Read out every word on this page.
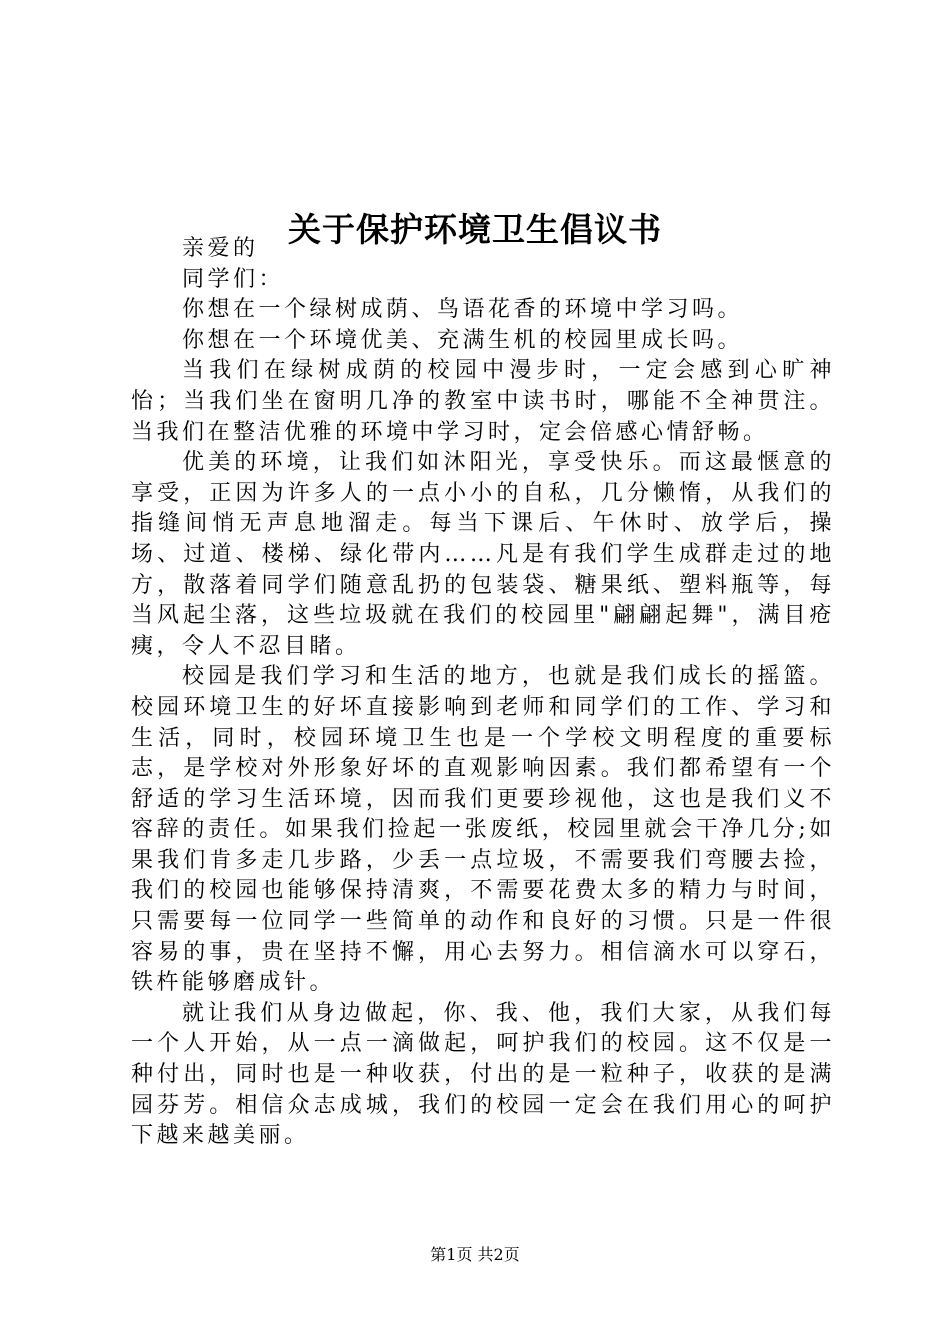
关于保护环境卫生倡议书

亲爱的

同学们：

你想在一个绿树成荫、鸟语花香的环境中学习吗。

你想在一个环境优美、充满生机的校园里成长吗。

当我们在绿树成荫的校园中漫步时，一定会感到心旷神怡；当我们坐在窗明几净的教室中读书时，哪能不全神贯注。当我们在整洁优雅的环境中学习时，定会倍感心情舒畅。

优美的环境，让我们如沐阳光，享受快乐。而这最惬意的享受，正因为许多人的一点小小的自私，几分懒惰，从我们的指缝间悄无声息地溜走。每当下课后、午休时、放学后，操场、过道、楼梯、绿化带内……凡是有我们学生成群走过的地方，散落着同学们随意乱扔的包装袋、糖果纸、塑料瓶等，每当风起尘落，这些垃圾就在我们的校园里"翩翩起舞"，满目疮痍，令人不忍目睹。

校园是我们学习和生活的地方，也就是我们成长的摇篮。校园环境卫生的好坏直接影响到老师和同学们的工作、学习和生活，同时，校园环境卫生也是一个学校文明程度的重要标志，是学校对外形象好坏的直观影响因素。我们都希望有一个舒适的学习生活环境，因而我们更要珍视他，这也是我们义不容辞的责任。如果我们捡起一张废纸，校园里就会干净几分;如果我们肯多走几步路，少丢一点垃圾，不需要我们弯腰去捡，我们的校园也能够保持清爽，不需要花费太多的精力与时间，只需要每一位同学一些简单的动作和良好的习惯。只是一件很容易的事，贵在坚持不懈，用心去努力。相信滴水可以穿石，铁杵能够磨成针。

就让我们从身边做起，你、我、他，我们大家，从我们每一个人开始，从一点一滴做起，呵护我们的校园。这不仅是一种付出，同时也是一种收获，付出的是一粒种子，收获的是满园芬芳。相信众志成城，我们的校园一定会在我们用心的呵护下越来越美丽。

第1页 共2页
